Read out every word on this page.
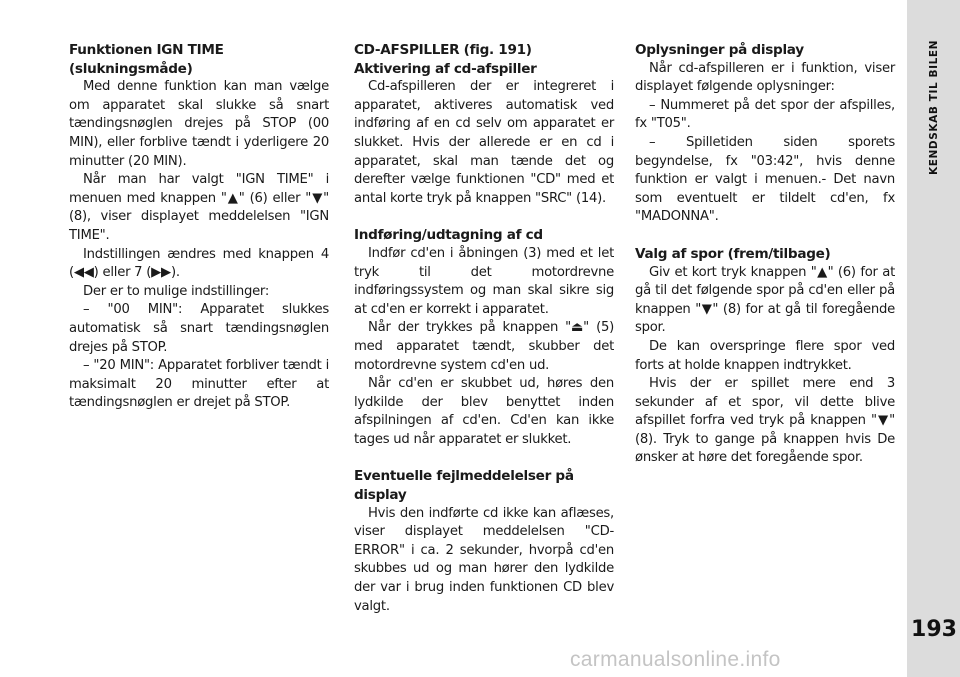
KENDSKAB TIL BILEN
193
Funktionen IGN TIME (slukningsmåde)

Med denne funktion kan man vælge om apparatet skal slukke så snart tændingsnøglen drejes på STOP (00 MIN), eller forblive tændt i yderligere 20 minutter (20 MIN).

Når man har valgt "IGN TIME" i menuen med knappen "▲" (6) eller "▼" (8), viser displayet meddelelsen "IGN TIME".

Indstillingen ændres med knappen 4 (◀◀) eller 7 (▶▶).

Der er to mulige indstillinger:

– "00 MIN": Apparatet slukkes automatisk så snart tændingsnøglen drejes på STOP.

– "20 MIN": Apparatet forbliver tændt i maksimalt 20 minutter efter at tændingsnøglen er drejet på STOP.

CD-AFSPILLER (fig. 191)
Aktivering af cd-afspiller

Cd-afspilleren der er integreret i apparatet, aktiveres automatisk ved indføring af en cd selv om apparatet er slukket. Hvis der allerede er en cd i apparatet, skal man tænde det og derefter vælge funktionen "CD" med et antal korte tryk på knappen "SRC" (14).

Indføring/udtagning af cd

Indfør cd'en i åbningen (3) med et let tryk til det motordrevne indføringssystem og man skal sikre sig at cd'en er korrekt i apparatet.

Når der trykkes på knappen "⏏" (5) med apparatet tændt, skubber det motordrevne system cd'en ud.

Når cd'en er skubbet ud, høres den lydkilde der blev benyttet inden afspilningen af cd'en. Cd'en kan ikke tages ud når apparatet er slukket.

Eventuelle fejlmeddelelser på display

Hvis den indførte cd ikke kan aflæses, viser displayet meddelelsen "CD-ERROR" i ca. 2 sekunder, hvorpå cd'en skubbes ud og man hører den lydkilde der var i brug inden funktionen CD blev valgt.

Oplysninger på display

Når cd-afspilleren er i funktion, viser displayet følgende oplysninger:

– Nummeret på det spor der afspilles, fx "T05".

– Spilletiden siden sporets begyndelse, fx "03:42", hvis denne funktion er valgt i menuen.- Det navn som eventuelt er tildelt cd'en, fx "MADONNA".

Valg af spor (frem/tilbage)

Giv et kort tryk knappen "▲" (6) for at gå til det følgende spor på cd'en eller på knappen "▼" (8) for at gå til foregående spor.

De kan overspringe flere spor ved forts at holde knappen indtrykket.

Hvis der er spillet mere end 3 sekunder af et spor, vil dette blive afspillet forfra ved tryk på knappen "▼" (8). Tryk to gange på knappen hvis De ønsker at høre det foregående spor.

carmanualsonline.info
